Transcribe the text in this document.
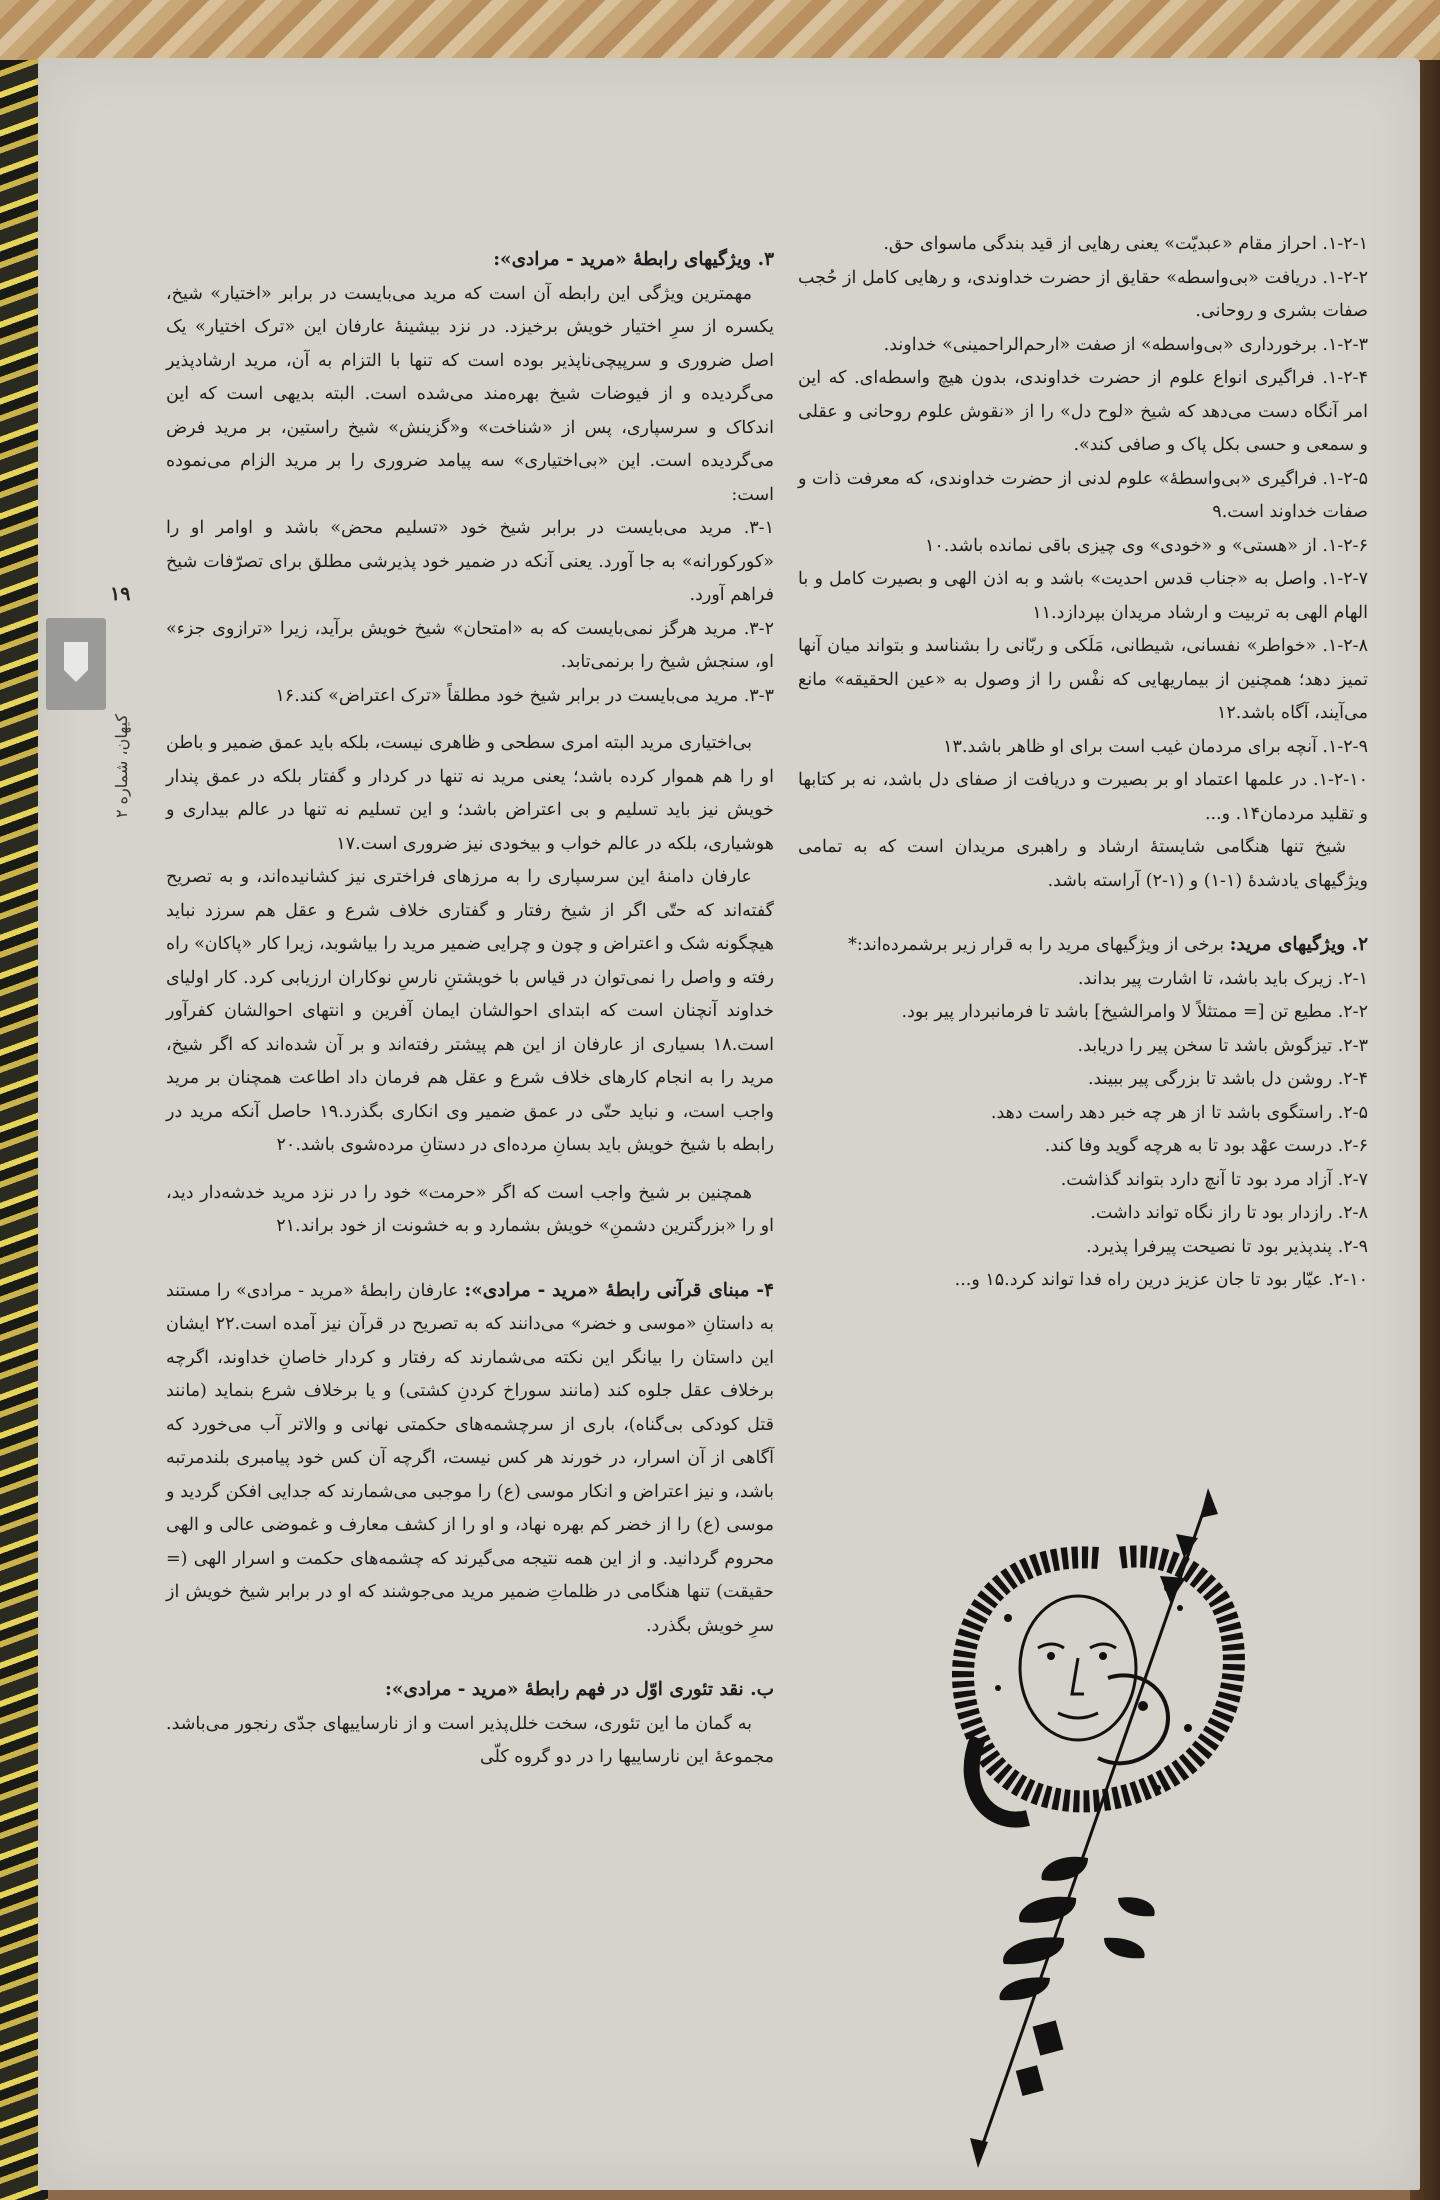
۱۹
کیهان، شماره ۲

۱-۲-۱. احراز مقام «عبدیّت» یعنی رهایی از قید بندگی ماسوای حق.

۱-۲-۲. دریافت «بی‌واسطه» حقایق از حضرت خداوندی، و رهایی کامل از حُجب صفات بشری و روحانی.

۱-۲-۳. برخورداری «بی‌واسطه» از صفت «ارحم‌الراحمینی» خداوند.

۱-۲-۴. فراگیری انواع علوم از حضرت خداوندی، بدون هیچ واسطه‌ای. که این امر آنگاه دست می‌دهد که شیخ «لوح دل» را از «نقوش علوم روحانی و عقلی و سمعی و حسی بکل پاک و صافی کند».

۱-۲-۵. فراگیری «بی‌واسطهٔ» علوم لدنی از حضرت خداوندی، که معرفت ذات و صفات خداوند است.۹

۱-۲-۶. از «هستی» و «خودی» وی چیزی باقی نمانده باشد.۱۰

۱-۲-۷. واصل به «جناب قدس احدیت» باشد و به اذن الهی و بصیرت کامل و با الهام الهی به تربیت و ارشاد مریدان بپردازد.۱۱

۱-۲-۸. «خواطر» نفسانی، شیطانی، مَلَکی و ربّانی را بشناسد و بتواند میان آنها تمیز دهد؛ همچنین از بیماریهایی که نفْس را از وصول به «عین الحقیقه» مانع می‌آیند، آگاه باشد.۱۲

۱-۲-۹. آنچه برای مردمان غیب است برای او ظاهر باشد.۱۳

۱-۲-۱۰. در علمها اعتماد او بر بصیرت و دریافت از صفای دل باشد، نه بر کتابها و تقلید مردمان۱۴. و...

شیخ تنها هنگامی شایستهٔ ارشاد و راهبری مریدان است که به تمامی ویژگیهای یادشدهٔ (۱-۱) و (۱-۲) آراسته باشد.

۲. ویژگیهای مرید: برخی از ویژگیهای مرید را به قرار زیر برشمرده‌اند:*

۲-۱. زیرک باید باشد، تا اشارت پیر بداند.

۲-۲. مطیع تن [= ممتثلاً لا وامرالشیخ] باشد تا فرمانبردار پیر بود.

۲-۳. تیزگوش باشد تا سخن پیر را دریابد.

۲-۴. روشن دل باشد تا بزرگی پیر ببیند.

۲-۵. راستگوی باشد تا از هر چه خبر دهد راست دهد.

۲-۶. درست عهْد بود تا به هرچه گوید وفا کند.

۲-۷. آزاد مرد بود تا آنچ دارد بتواند گذاشت.

۲-۸. رازدار بود تا راز نگاه تواند داشت.

۲-۹. پندپذیر بود تا نصیحت پیرفرا پذیرد.

۲-۱۰. عیّار بود تا جان عزیز درین راه فدا تواند کرد.۱۵ و...

۳. ویژگیهای رابطهٔ «مرید - مرادی»:

مهمترین ویژگی این رابطه آن است که مرید می‌بایست در برابر «اختیار» شیخ، یکسره از سرِ اختیار خویش برخیزد. در نزد بیشینهٔ عارفان این «ترک اختیار» یک اصل ضروری و سرپیچی‌ناپذیر بوده است که تنها با التزام به آن، مرید ارشادپذیر می‌گردیده و از فیوضات شیخ بهره‌مند می‌شده است. البته بدیهی است که این اندکاک و سرسپاری، پس از «شناخت» و«گزینش» شیخ راستین، بر مرید فرض می‌گردیده است. این «بی‌اختیاری» سه پیامد ضروری را بر مرید الزام می‌نموده است:

۳-۱. مرید می‌بایست در برابر شیخ خود «تسلیم محض» باشد و اوامر او را «کورکورانه» به جا آورد. یعنی آنکه در ضمیر خود پذیرشی مطلق برای تصرّفات شیخ فراهم آورد.

۳-۲. مرید هرگز نمی‌بایست که به «امتحان» شیخ خویش برآید، زیرا «ترازوی جزء» او، سنجش شیخ را برنمی‌تابد.

۳-۳. مرید می‌بایست در برابر شیخ خود مطلقاً «ترک اعتراض» کند.۱۶

بی‌اختیاری مرید البته امری سطحی و ظاهری نیست، بلکه باید عمق ضمیر و باطن او را هم هموار کرده باشد؛ یعنی مرید نه تنها در کردار و گفتار بلکه در عمق پندار خویش نیز باید تسلیم و بی اعتراض باشد؛ و این تسلیم نه تنها در عالم بیداری و هوشیاری، بلکه در عالم خواب و بیخودی نیز ضروری است.۱۷

عارفان دامنهٔ این سرسپاری را به مرزهای فراختری نیز کشانیده‌اند، و به تصریح گفته‌اند که حتّی اگر از شیخ رفتار و گفتاری خلاف شرع و عقل هم سرزد نباید هیچگونه شک و اعتراض و چون و چرایی ضمیر مرید را بیاشوبد، زیرا کار «پاکان» راه رفته و واصل را نمی‌توان در قیاس با خویشتنِ نارسِ نوکاران ارزیابی کرد. کار اولیای خداوند آنچنان است که ابتدای احوالشان ایمان آفرین و انتهای احوالشان کفرآور است.۱۸ بسیاری از عارفان از این هم پیشتر رفته‌اند و بر آن شده‌اند که اگر شیخ، مرید را به انجام کارهای خلاف شرع و عقل هم فرمان داد اطاعت همچنان بر مرید واجب است، و نباید حتّی در عمق ضمیر وی انکاری بگذرد.۱۹ حاصل آنکه مرید در رابطه با شیخ خویش باید بسانِ مرده‌ای در دستانِ مرده‌شوی باشد.۲۰

همچنین بر شیخ واجب است که اگر «حرمت» خود را در نزد مرید خدشه‌دار دید، او را «بزرگترین دشمنِ» خویش بشمارد و به خشونت از خود براند.۲۱

۴- مبنای قرآنی رابطهٔ «مرید - مرادی»: عارفان رابطهٔ «مرید - مرادی» را مستند به داستانِ «موسی و خضر» می‌دانند که به تصریح در قرآن نیز آمده است.۲۲ ایشان این داستان را بیانگر این نکته می‌شمارند که رفتار و کردار خاصانِ خداوند، اگرچه برخلاف عقل جلوه کند (مانند سوراخ کردنِ کشتی) و یا برخلاف شرع بنماید (مانند قتل کودکی بی‌گناه)، باری از سرچشمه‌های حکمتی نهانی و والاتر آب می‌خورد که آگاهی از آن اسرار، در خورند هر کس نیست، اگرچه آن کس خود پیامبری بلندمرتبه باشد، و نیز اعتراض و انکار موسی (ع) را موجبی می‌شمارند که جدایی افکن گردید و موسی (ع) را از خضر کم بهره نهاد، و او را از کشف معارف و غموضی عالی و الهی محروم گردانید. و از این همه نتیجه می‌گیرند که چشمه‌های حکمت و اسرار الهی (= حقیقت) تنها هنگامی در ظلماتِ ضمیر مرید می‌جوشند که او در برابر شیخ خویش از سرِ خویش بگذرد.

ب. نقد تئوری اوّل در فهم رابطهٔ «مرید - مرادی»:

به گمان ما این تئوری، سخت خلل‌پذیر است و از نارساییهای جدّی رنجور می‌باشد. مجموعهٔ این نارساییها را در دو گروه کلّی
